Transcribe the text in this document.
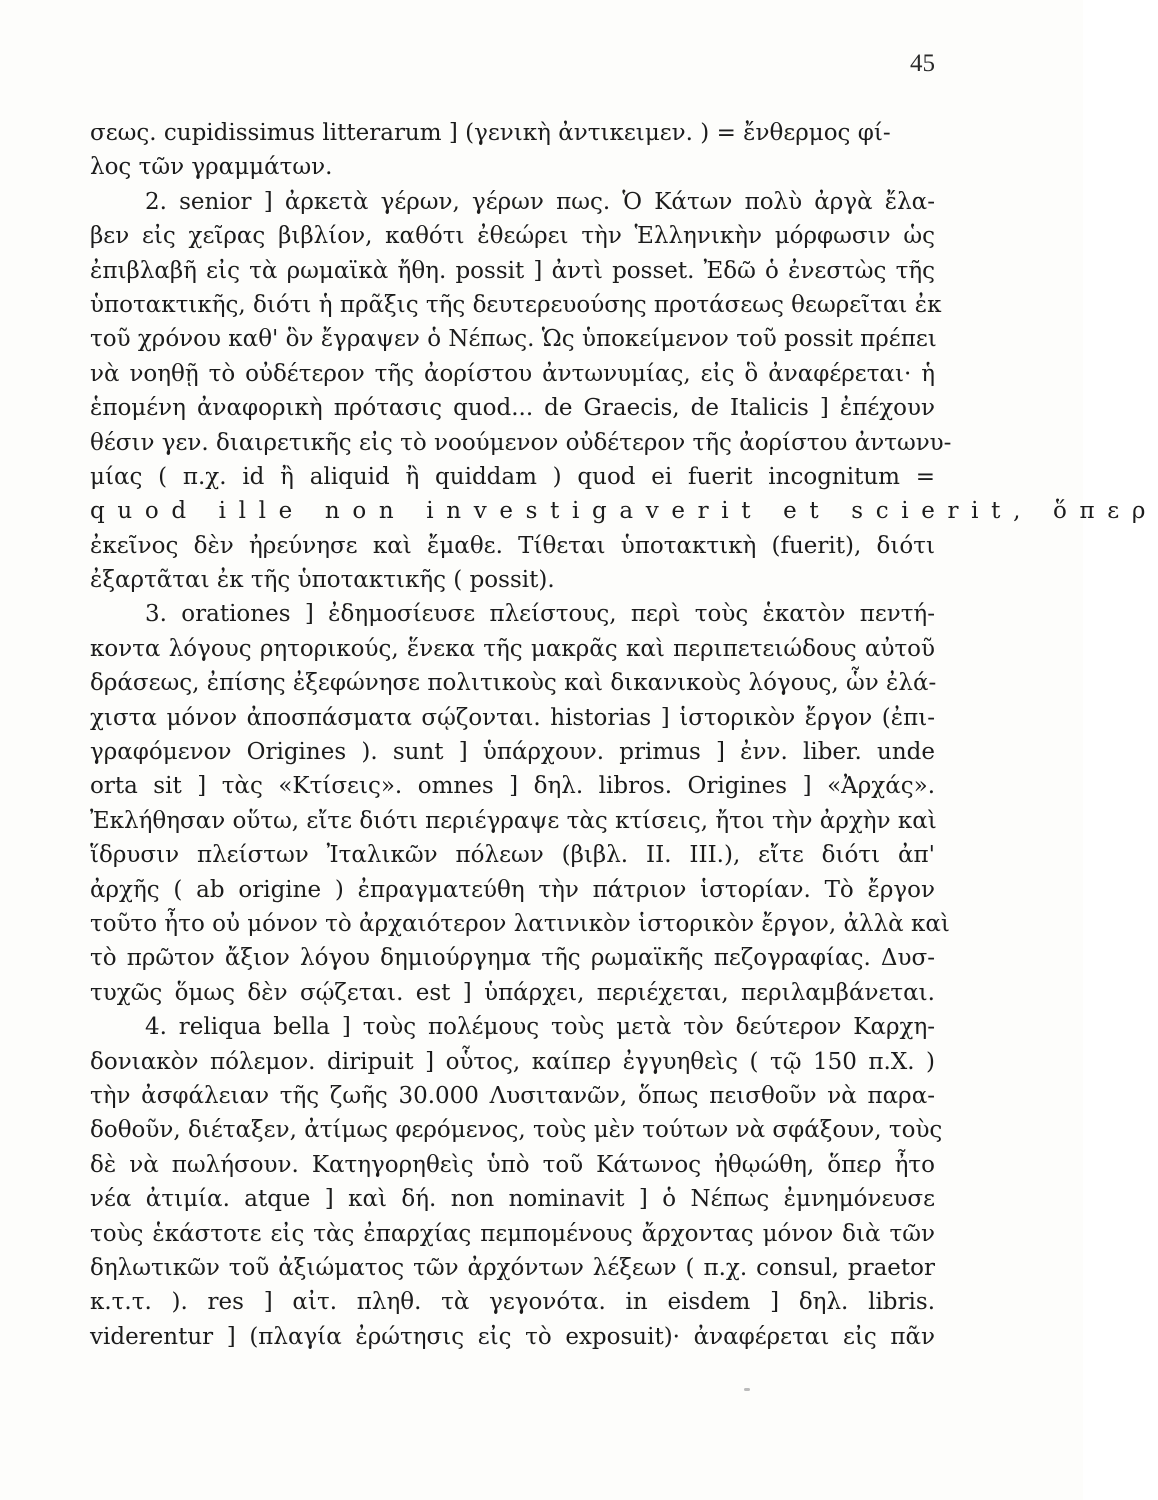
45
σεως. cupidissimus litterarum ] (γενικὴ ἀντικειμεν. ) = ἔνθερμος φί-
λος τῶν γραμμάτων.
2. senior ] ἀρκετὰ γέρων, γέρων πως. Ὁ Κάτων πολὺ ἀργὰ ἔλα-
βεν εἰς χεῖρας βιβλίον, καθότι ἐθεώρει τὴν Ἑλληνικὴν μόρφωσιν ὡς
ἐπιβλαβῆ εἰς τὰ ρωμαϊκὰ ἤθη. possit ] ἀντὶ posset. Ἐδῶ ὁ ἐνεστὼς τῆς
ὑποτακτικῆς, διότι ἡ πρᾶξις τῆς δευτερευούσης προτάσεως θεωρεῖται ἐκ
τοῦ χρόνου καθ' ὃν ἔγραψεν ὁ Νέπως. Ὡς ὑποκείμενον τοῦ possit πρέπει
νὰ νοηθῇ τὸ οὐδέτερον τῆς ἀορίστου ἀντωνυμίας, εἰς ὃ ἀναφέρεται· ἡ
ἑπομένη ἀναφορικὴ πρότασις quod... de Graecis, de Italicis ] ἐπέχουν
θέσιν γεν. διαιρετικῆς εἰς τὸ νοούμενον οὐδέτερον τῆς ἀορίστου ἀντωνυ-
μίας ( π.χ. id ἢ aliquid ἢ quiddam ) quod ei fuerit incognitum =
quod ille non investigaverit et scierit, ὅπερ
ἐκεῖνος δὲν ἠρεύνησε καὶ ἔμαθε. Τίθεται ὑποτακτικὴ (fuerit), διότι
ἐξαρτᾶται ἐκ τῆς ὑποτακτικῆς ( possit).
3. orationes ] ἐδημοσίευσε πλείστους, περὶ τοὺς ἑκατὸν πεντή-
κοντα λόγους ρητορικούς, ἕνεκα τῆς μακρᾶς καὶ περιπετειώδους αὐτοῦ
δράσεως, ἐπίσης ἐξεφώνησε πολιτικοὺς καὶ δικανικοὺς λόγους, ὧν ἐλά-
χιστα μόνον ἀποσπάσματα σῴζονται. historias ] ἱστορικὸν ἔργον (ἐπι-
γραφόμενον Origines ). sunt ] ὑπάρχουν. primus ] ἐνν. liber. unde
orta sit ] τὰς «Κτίσεις». omnes ] δηλ. libros. Origines ] «Ἀρχάς».
Ἐκλήθησαν οὕτω, εἴτε διότι περιέγραψε τὰς κτίσεις, ἤτοι τὴν ἀρχὴν καὶ
ἵδρυσιν πλείστων Ἰταλικῶν πόλεων (βιβλ. II. III.), εἴτε διότι ἀπ'
ἀρχῆς ( ab origine ) ἐπραγματεύθη τὴν πάτριον ἱστορίαν. Τὸ ἔργον
τοῦτο ἦτο οὐ μόνον τὸ ἀρχαιότερον λατινικὸν ἱστορικὸν ἔργον, ἀλλὰ καὶ
τὸ πρῶτον ἄξιον λόγου δημιούργημα τῆς ρωμαϊκῆς πεζογραφίας. Δυσ-
τυχῶς ὅμως δὲν σῴζεται. est ] ὑπάρχει, περιέχεται, περιλαμβάνεται.
4. reliqua bella ] τοὺς πολέμους τοὺς μετὰ τὸν δεύτερον Καρχη-
δονιακὸν πόλεμον. diripuit ] οὗτος, καίπερ ἐγγυηθεὶς ( τῷ 150 π.Χ. )
τὴν ἀσφάλειαν τῆς ζωῆς 30.000 Λυσιτανῶν, ὅπως πεισθοῦν νὰ παρα-
δοθοῦν, διέταξεν, ἀτίμως φερόμενος, τοὺς μὲν τούτων νὰ σφάξουν, τοὺς
δὲ νὰ πωλήσουν. Κατηγορηθεὶς ὑπὸ τοῦ Κάτωνος ἠθῳώθη, ὅπερ ἦτο
νέα ἀτιμία. atque ] καὶ δή. non nominavit ] ὁ Νέπως ἐμνημόνευσε
τοὺς ἑκάστοτε εἰς τὰς ἐπαρχίας πεμπομένους ἄρχοντας μόνον διὰ τῶν
δηλωτικῶν τοῦ ἀξιώματος τῶν ἀρχόντων λέξεων ( π.χ. consul, praetor
κ.τ.τ. ). res ] αἰτ. πληθ. τὰ γεγονότα. in eisdem ] δηλ. libris.
viderentur ] (πλαγία ἐρώτησις εἰς τὸ exposuit)· ἀναφέρεται εἰς πᾶν
